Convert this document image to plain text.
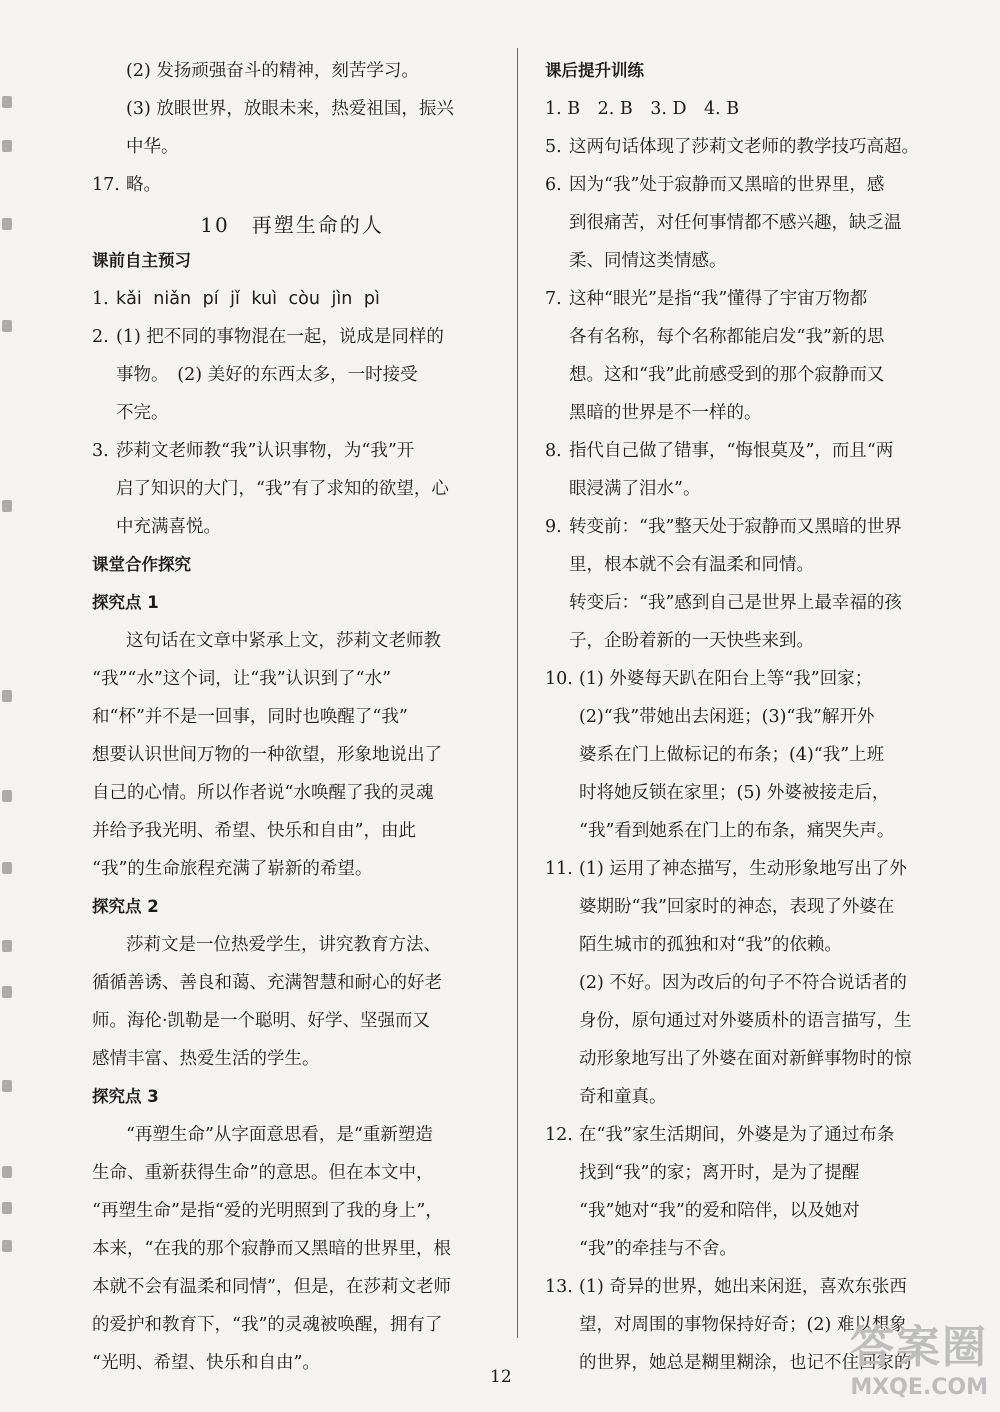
(2) 发扬顽强奋斗的精神，刻苦学习。
(3) 放眼世界，放眼未来，热爱祖国，振兴
中华。
17. 略。
10　再塑生命的人
课前自主预习
1. kǎi niǎn pí jǐ kuì còu jìn pì
2. (1) 把不同的事物混在一起，说成是同样的
事物。　(2) 美好的东西太多，一时接受
不完。
3. 莎莉文老师教“我”认识事物，为“我”开
启了知识的大门，“我”有了求知的欲望，心
中充满喜悦。
课堂合作探究
探究点 1
这句话在文章中紧承上文，莎莉文老师教
“我”“水”这个词，让“我”认识到了“水”
和“杯”并不是一回事，同时也唤醒了“我”
想要认识世间万物的一种欲望，形象地说出了
自己的心情。所以作者说“水唤醒了我的灵魂
并给予我光明、希望、快乐和自由”，由此
“我”的生命旅程充满了崭新的希望。
探究点 2
莎莉文是一位热爱学生，讲究教育方法、
循循善诱、善良和蔼、充满智慧和耐心的好老
师。海伦·凯勒是一个聪明、好学、坚强而又
感情丰富、热爱生活的学生。
探究点 3
“再塑生命”从字面意思看，是“重新塑造
生命、重新获得生命”的意思。但在本文中，
“再塑生命”是指“爱的光明照到了我的身上”，
本来，“在我的那个寂静而又黑暗的世界里，根
本就不会有温柔和同情”，但是，在莎莉文老师
的爱护和教育下，“我”的灵魂被唤醒，拥有了
“光明、希望、快乐和自由”。
课后提升训练
1. B　2. B　3. D　4. B
5. 这两句话体现了莎莉文老师的教学技巧高超。
6. 因为“我”处于寂静而又黑暗的世界里，感
到很痛苦，对任何事情都不感兴趣，缺乏温
柔、同情这类情感。
7. 这种“眼光”是指“我”懂得了宇宙万物都
各有名称，每个名称都能启发“我”新的思
想。这和“我”此前感受到的那个寂静而又
黑暗的世界是不一样的。
8. 指代自己做了错事，“悔恨莫及”，而且“两
眼浸满了泪水”。
9. 转变前：“我”整天处于寂静而又黑暗的世界
里，根本就不会有温柔和同情。
转变后：“我”感到自己是世界上最幸福的孩
子，企盼着新的一天快些来到。
10. (1) 外婆每天趴在阳台上等“我”回家；
(2)“我”带她出去闲逛；(3)“我”解开外
婆系在门上做标记的布条；(4)“我”上班
时将她反锁在家里；(5) 外婆被接走后，
“我”看到她系在门上的布条，痛哭失声。
11. (1) 运用了神态描写，生动形象地写出了外
婆期盼“我”回家时的神态，表现了外婆在
陌生城市的孤独和对“我”的依赖。
(2) 不好。因为改后的句子不符合说话者的
身份，原句通过对外婆质朴的语言描写，生
动形象地写出了外婆在面对新鲜事物时的惊
奇和童真。
12. 在“我”家生活期间，外婆是为了通过布条
找到“我”的家；离开时，是为了提醒
“我”她对“我”的爱和陪伴，以及她对
“我”的牵挂与不舍。
13. (1) 奇异的世界，她出来闲逛，喜欢东张西
望，对周围的事物保持好奇；(2) 难以想象
的世界，她总是糊里糊涂，也记不住回家的
12
答案圈
MXQE.COM
